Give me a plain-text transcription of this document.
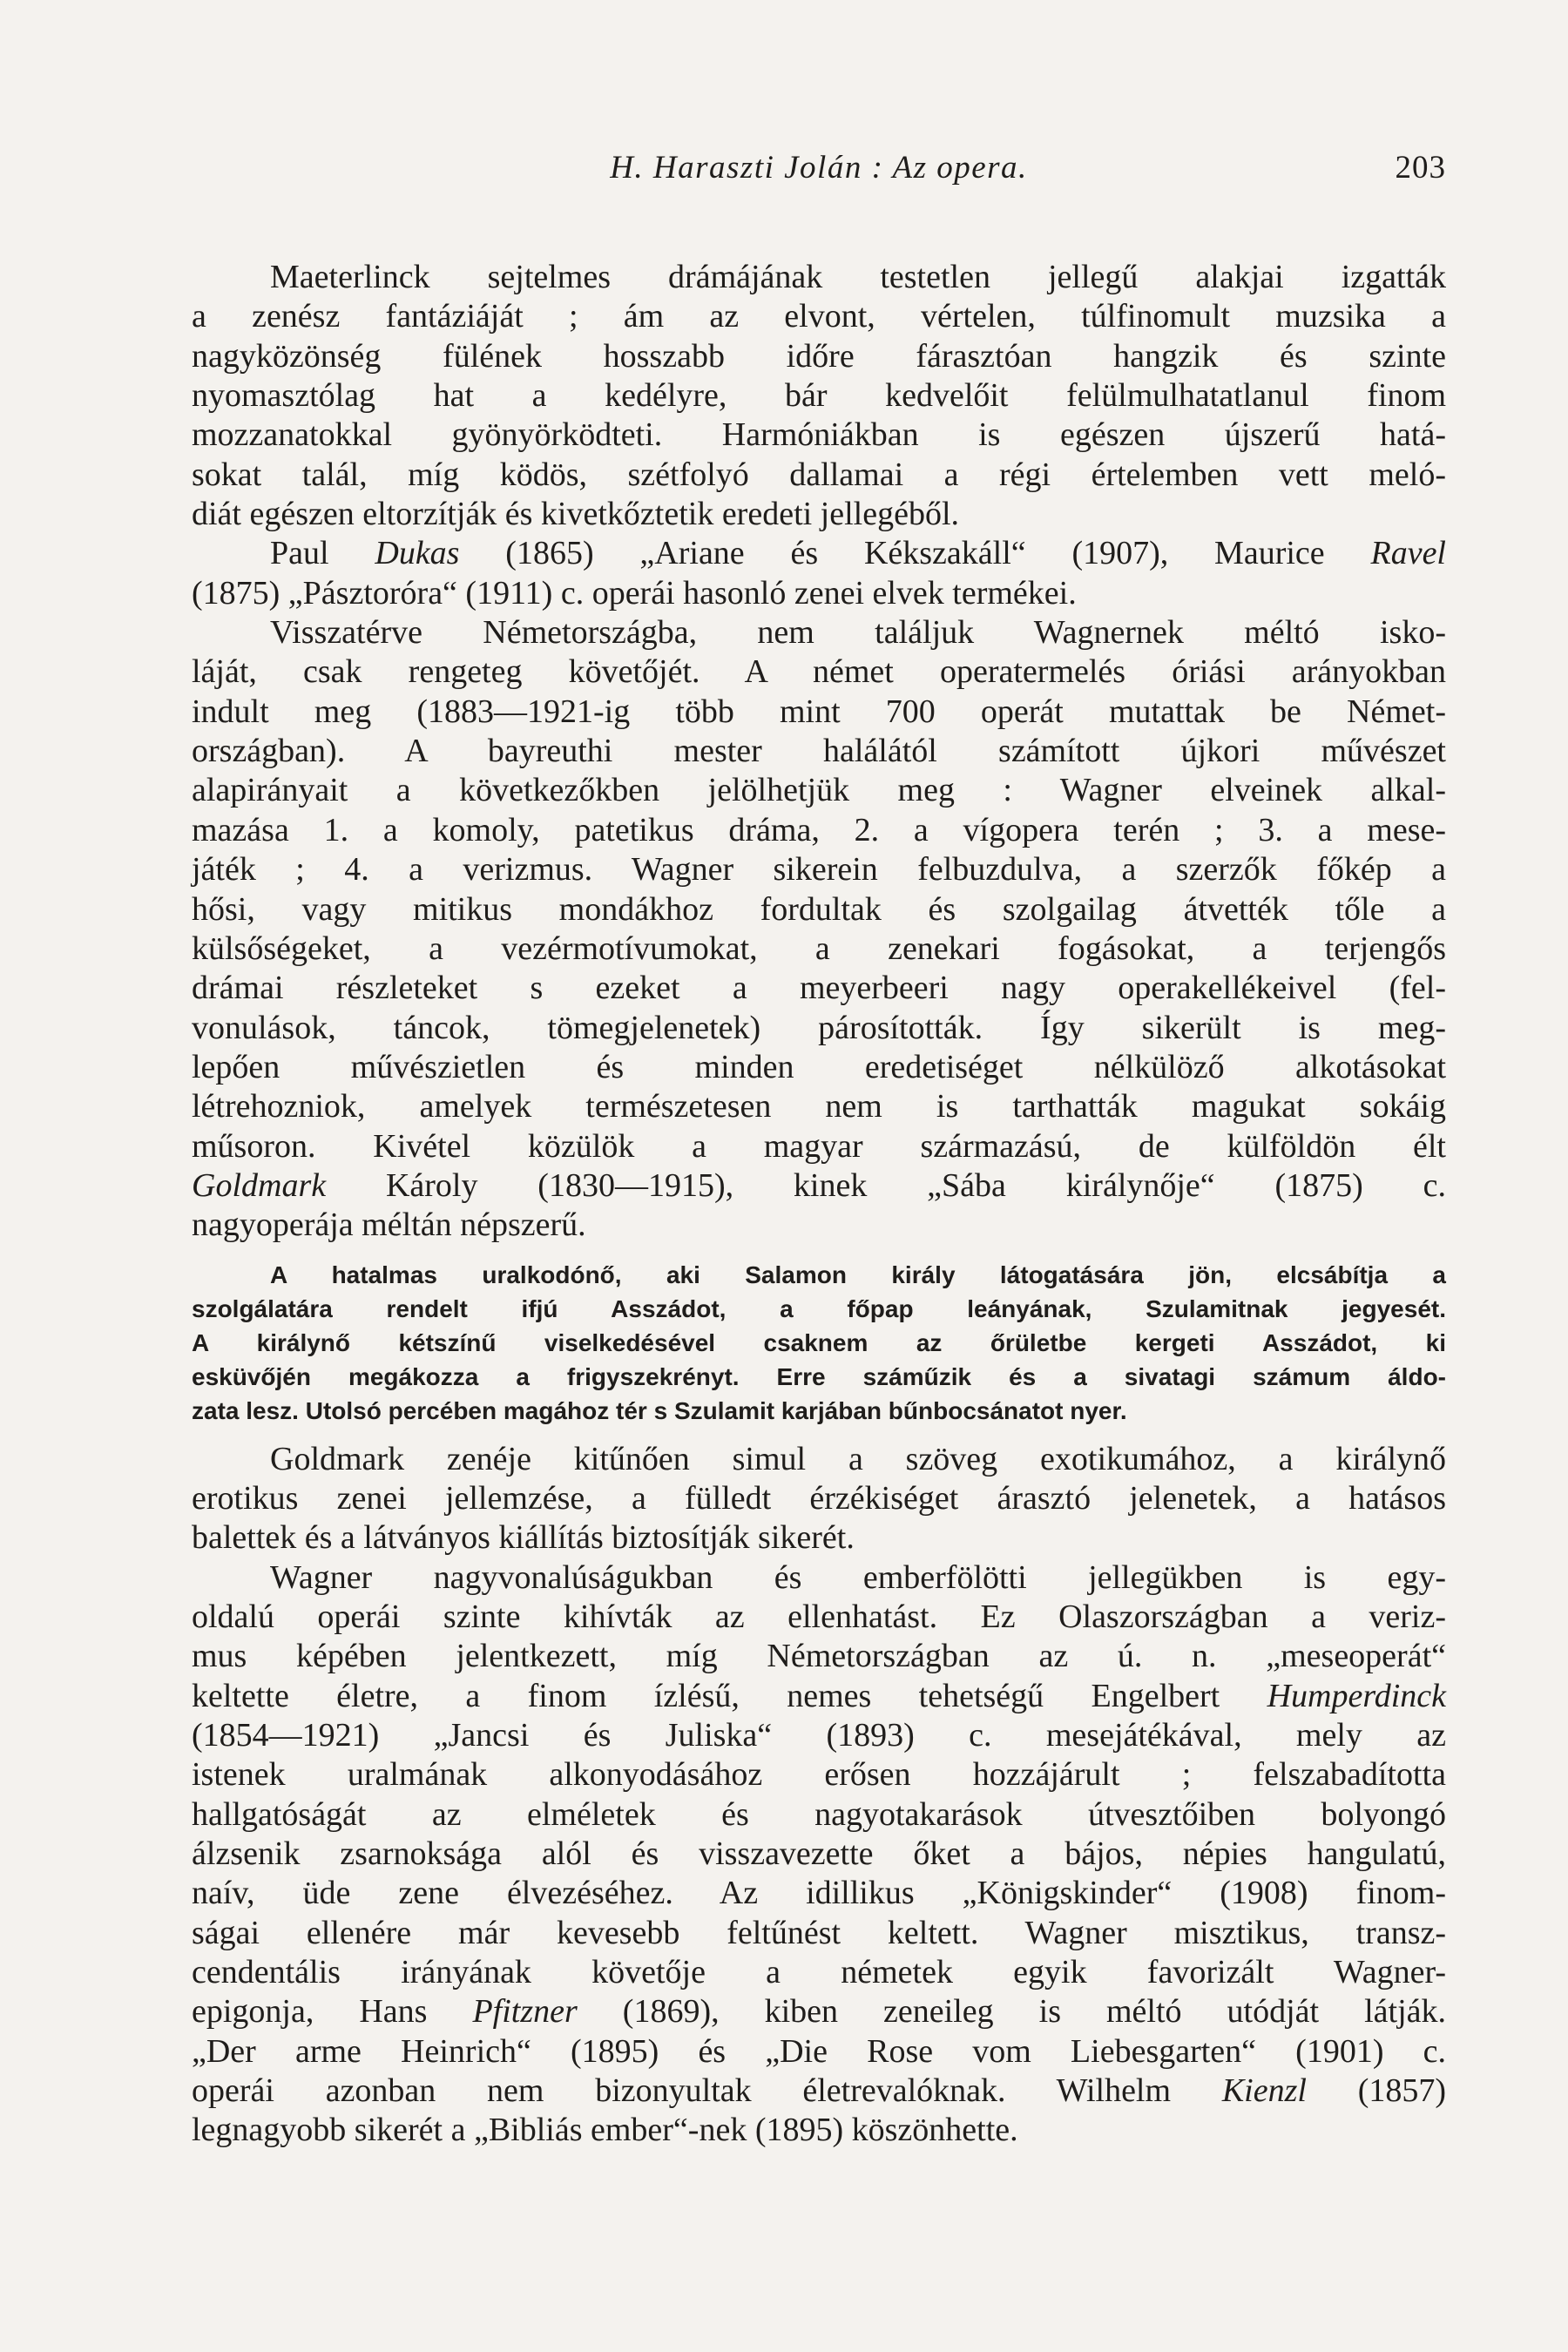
H. Haraszti Jolán : Az opera.	203
Maeterlinck sejtelmes drámájának testetlen jellegű alakjai izgatták
a zenész fantáziáját ; ám az elvont, vértelen, túlfinomult muzsika a
nagyközönség fülének hosszabb időre fárasztóan hangzik és szinte
nyomasztólag hat a kedélyre, bár kedvelőit felülmulhatatlanul finom
mozzanatokkal gyönyörködteti. Harmóniákban is egészen újszerű hatá-
sokat talál, míg ködös, szétfolyó dallamai a régi értelemben vett meló-
diát egészen eltorzítják és kivetkőztetik eredeti jellegéből.
Paul Dukas (1865) „Ariane és Kékszakáll“ (1907), Maurice Ravel
(1875) „Pásztoróra“ (1911) c. operái hasonló zenei elvek termékei.
Visszatérve Németországba, nem találjuk Wagnernek méltó isko-
láját, csak rengeteg követőjét. A német operatermelés óriási arányokban
indult meg (1883—1921-ig több mint 700 operát mutattak be Német-
országban). A bayreuthi mester halálától számított újkori művészet
alapirányait a következőkben jelölhetjük meg : Wagner elveinek alkal-
mazása 1. a komoly, patetikus dráma, 2. a vígopera terén ; 3. a mese-
játék ; 4. a verizmus. Wagner sikerein felbuzdulva, a szerzők főkép a
hősi, vagy mitikus mondákhoz fordultak és szolgailag átvették tőle a
külsőségeket, a vezérmotívumokat, a zenekari fogásokat, a terjengős
drámai részleteket s ezeket a meyerbeeri nagy operakellékeivel (fel-
vonulások, táncok, tömegjelenetek) párosították. Így sikerült is meg-
lepően művészietlen és minden eredetiséget nélkülöző alkotásokat
létrehozniok, amelyek természetesen nem is tarthatták magukat sokáig
műsoron. Kivétel közülök a magyar származású, de külföldön élt
Goldmark Károly (1830—1915), kinek „Sába királynője“ (1875) c.
nagyoperája méltán népszerű.
A hatalmas uralkodónő, aki Salamon király látogatására jön, elcsábítja a
szolgálatára rendelt ifjú Asszádot, a főpap leányának, Szulamitnak jegyesét.
A királynő kétszínű viselkedésével csaknem az őrületbe kergeti Asszádot, ki
esküvőjén megákozza a frigyszekrényt. Erre száműzik és a sivatagi számum áldo-
zata lesz. Utolsó percében magához tér s Szulamit karjában bűnbocsánatot nyer.
Goldmark zenéje kitűnően simul a szöveg exotikumához, a királynő
erotikus zenei jellemzése, a fülledt érzékiséget árasztó jelenetek, a hatásos
balettek és a látványos kiállítás biztosítják sikerét.
Wagner nagyvonalúságukban és emberfölötti jellegükben is egy-
oldalú operái szinte kihívták az ellenhatást. Ez Olaszországban a veriz-
mus képében jelentkezett, míg Németországban az ú. n. „meseoperát“
keltette életre, a finom ízlésű, nemes tehetségű Engelbert Humperdinck
(1854—1921) „Jancsi és Juliska“ (1893) c. mesejátékával, mely az
istenek uralmának alkonyodásához erősen hozzájárult ; felszabadította
hallgatóságát az elméletek és nagyotakarások útvesztőiben bolyongó
álzsenik zsarnoksága alól és visszavezette őket a bájos, népies hangulatú,
naív, üde zene élvezéséhez. Az idillikus „Königskinder“ (1908) finom-
ságai ellenére már kevesebb feltűnést keltett. Wagner misztikus, transz-
cendentális irányának követője a németek egyik favorizált Wagner-
epigonja, Hans Pfitzner (1869), kiben zeneileg is méltó utódját látják.
„Der arme Heinrich“ (1895) és „Die Rose vom Liebesgarten“ (1901) c.
operái azonban nem bizonyultak életrevalóknak. Wilhelm Kienzl (1857)
legnagyobb sikerét a „Bibliás ember“-nek (1895) köszönhette.
